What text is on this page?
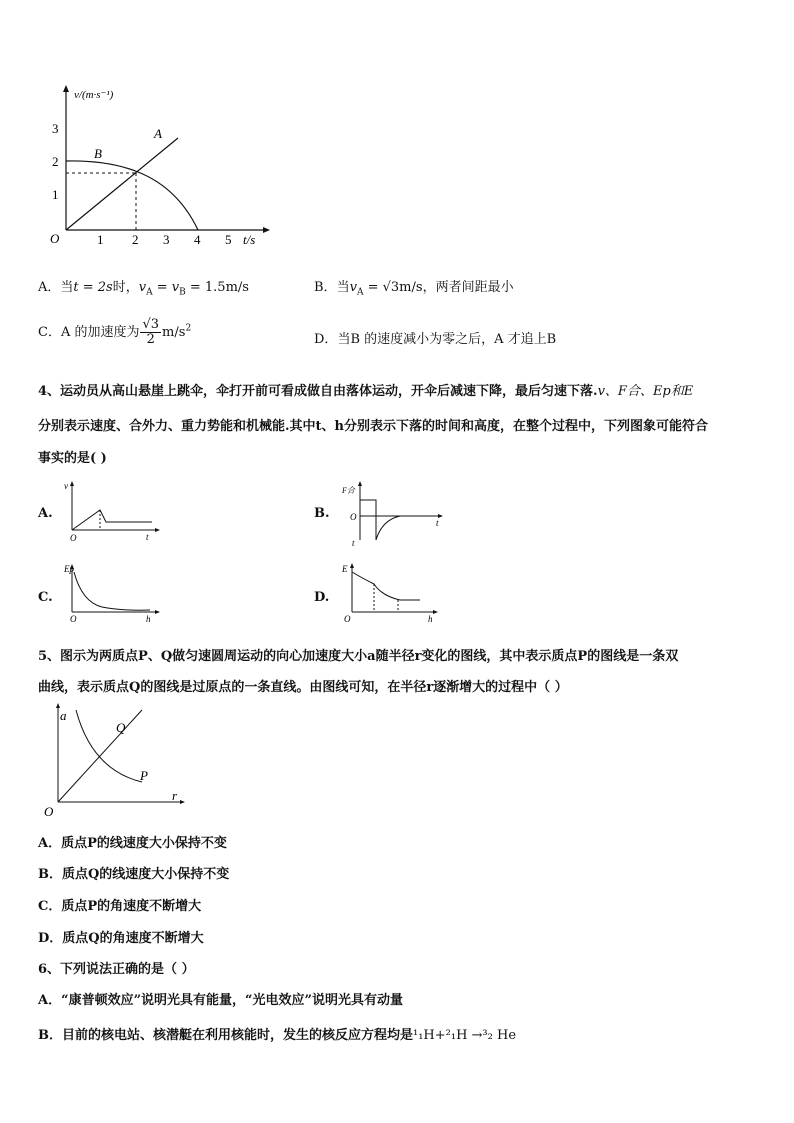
O	1 2 3 4 5 t/s
1
2
3
v/(m·s⁻¹)
A
B
A．当t = 2s时，$v_A = v_B = 1.5m/s$	B．当$v_A = √3m/s$，两者间距最小
C．A 的加速度为 $\frac{√3}{2} m/s^2$
D．当B 的速度减小为零之后，A 才追上B
4、运动员从高山悬崖上跳伞，伞打开前可看成做自由落体运动，开伞后减速下降，最后匀速下落.v、F合、Ep和E
分别表示速度、合外力、重力势能和机械能.其中t、h分别表示下落的时间和高度，在整个过程中，下列图象可能符合
事实的是( )
A.	B.
C.	D.
v
t
O
F合
O
t
t
Ep
O	h
E
O	h
5、图示为两质点P、Q做匀速圆周运动的向心加速度大小a随半径r变化的图线，其中表示质点P的图线是一条双
曲线，表示质点Q的图线是过原点的一条直线。由图线可知，在半径r逐渐增大的过程中（ ）
a
r
O
Q
P
A．质点P的线速度大小保持不变
B．质点Q的线速度大小保持不变
C．质点P的角速度不断增大
D．质点Q的角速度不断增大
6、下列说法正确的是（ ）
A．“康普顿效应”说明光具有能量，“光电效应”说明光具有动量
B．目前的核电站、核潜艇在利用核能时，发生的核反应方程均是¹₁H+²₁H →³₂ He
